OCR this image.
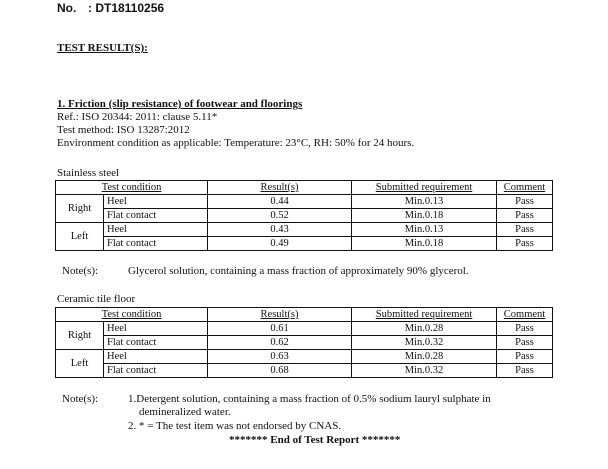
No. : DT18110256
TEST RESULT(S):
1. Friction (slip resistance) of footwear and floorings
Ref.: ISO 20344: 2011: clause 5.11*
Test method: ISO 13287:2012
Environment condition as applicable: Temperature: 23°C, RH: 50% for 24 hours.
Stainless steel
Test condition		Result(s)	Submitted requirement	Comment
Right	Heel	0.44	Min.0.13	Pass
	Flat contact	0.52	Min.0.18	Pass
Left	Heel	0.43	Min.0.13	Pass
	Flat contact	0.49	Min.0.18	Pass
Note(s):	Glycerol solution, containing a mass fraction of approximately 90% glycerol.
Ceramic tile floor
Test condition		Result(s)	Submitted requirement	Comment
Right	Heel	0.61	Min.0.28	Pass
	Flat contact	0.62	Min.0.32	Pass
Left	Heel	0.63	Min.0.28	Pass
	Flat contact	0.68	Min.0.32	Pass
Note(s):	1.Detergent solution, containing a mass fraction of 0.5% sodium lauryl sulphate in
demineralized water.
2. * = The test item was not endorsed by CNAS.
******* End of Test Report *******
